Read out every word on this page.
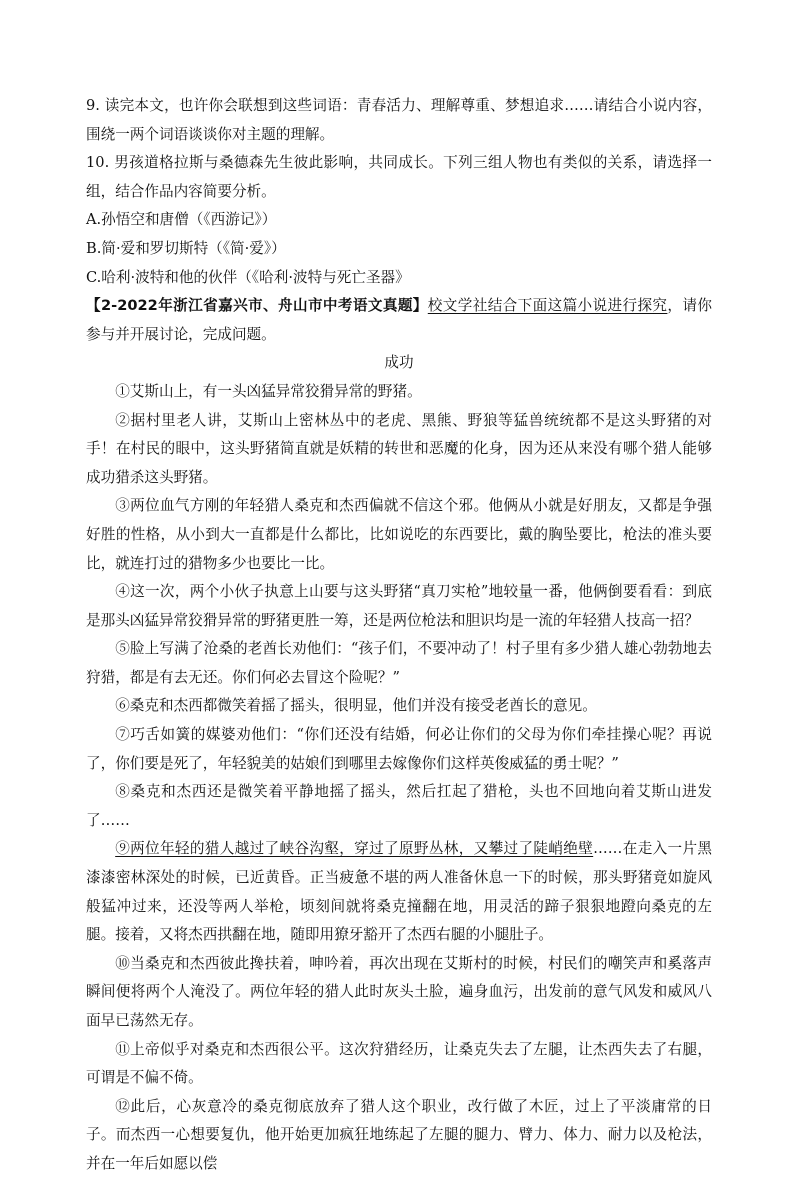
9. 读完本文，也许你会联想到这些词语：青春活力、理解尊重、梦想追求……请结合小说内容，围绕一两个词语谈谈你对主题的理解。

10. 男孩道格拉斯与桑德森先生彼此影响，共同成长。下列三组人物也有类似的关系，请选择一组，结合作品内容简要分析。

A.孙悟空和唐僧（《西游记》）

B.简·爱和罗切斯特（《简·爱》）

C.哈利·波特和他的伙伴（《哈利·波特与死亡圣器》

【2-2022年浙江省嘉兴市、舟山市中考语文真题】校文学社结合下面这篇小说进行探究，请你参与并开展讨论，完成问题。

成功

①艾斯山上，有一头凶猛异常狡猾异常的野猪。

②据村里老人讲，艾斯山上密林丛中的老虎、黑熊、野狼等猛兽统统都不是这头野猪的对手！在村民的眼中，这头野猪简直就是妖精的转世和恶魔的化身，因为还从来没有哪个猎人能够成功猎杀这头野猪。

③两位血气方刚的年轻猎人桑克和杰西偏就不信这个邪。他俩从小就是好朋友，又都是争强好胜的性格，从小到大一直都是什么都比，比如说吃的东西要比，戴的胸坠要比，枪法的准头要比，就连打过的猎物多少也要比一比。

④这一次，两个小伙子执意上山要与这头野猪“真刀实枪”地较量一番，他俩倒要看看：到底是那头凶猛异常狡猾异常的野猪更胜一筹，还是两位枪法和胆识均是一流的年轻猎人技高一招？

⑤脸上写满了沧桑的老酋长劝他们：“孩子们，不要冲动了！村子里有多少猎人雄心勃勃地去狩猎，都是有去无还。你们何必去冒这个险呢？”

⑥桑克和杰西都微笑着摇了摇头，很明显，他们并没有接受老酋长的意见。

⑦巧舌如簧的媒婆劝他们：“你们还没有结婚，何必让你们的父母为你们牵挂操心呢？再说了，你们要是死了，年轻貌美的姑娘们到哪里去嫁像你们这样英俊威猛的勇士呢？”

⑧桑克和杰西还是微笑着平静地摇了摇头，然后扛起了猎枪，头也不回地向着艾斯山进发了……

⑨两位年轻的猎人越过了峡谷沟壑，穿过了原野丛林，又攀过了陡峭绝壁……在走入一片黑漆漆密林深处的时候，已近黄昏。正当疲惫不堪的两人准备休息一下的时候，那头野猪竟如旋风般猛冲过来，还没等两人举枪，顷刻间就将桑克撞翻在地，用灵活的蹄子狠狠地蹬向桑克的左腿。接着，又将杰西拱翻在地，随即用獠牙豁开了杰西右腿的小腿肚子。

⑩当桑克和杰西彼此搀扶着，呻吟着，再次出现在艾斯村的时候，村民们的嘲笑声和奚落声瞬间便将两个人淹没了。两位年轻的猎人此时灰头土脸，遍身血污，出发前的意气风发和威风八面早已荡然无存。

⑪上帝似乎对桑克和杰西很公平。这次狩猎经历，让桑克失去了左腿，让杰西失去了右腿，可谓是不偏不倚。

⑫此后，心灰意冷的桑克彻底放弃了猎人这个职业，改行做了木匠，过上了平淡庸常的日子。而杰西一心想要复仇，他开始更加疯狂地练起了左腿的腿力、臂力、体力、耐力以及枪法，并在一年后如愿以偿
